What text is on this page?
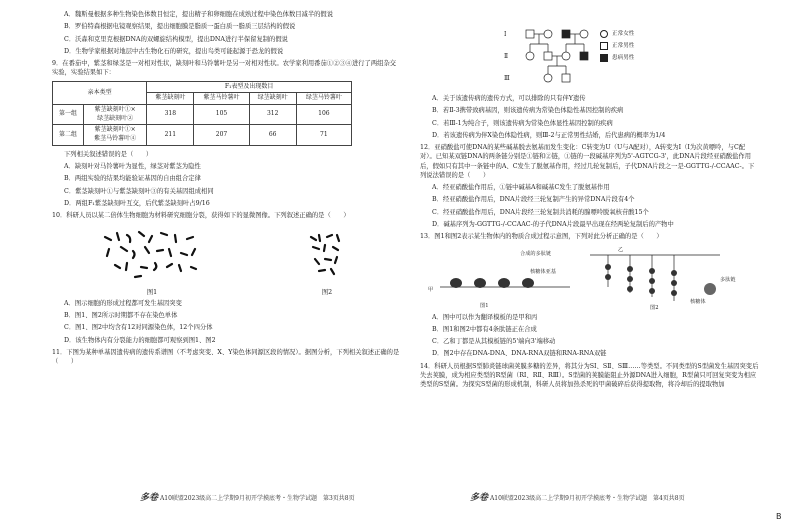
A．魏斯曼根据多种生物染色体数目恒定，提出精子和卵细胞在成熟过程中染色体数目减半的假说

B．罗伯特森根据电镜观察结果，提出细胞膜是脂质一蛋白质一脂质三层结构的假说

C．沃森和克里克根据DNA的双螺旋结构模型，提出DNA进行半保留复制的假说

D．生物学家根据对地层中古生物化石的研究，提出鸟类可能起源于恐龙的假说

9．在番茄中，紫茎和绿茎是一对相对性状，缺刻叶和马铃薯叶是另一对相对性状。农学家利用番茄①②③④进行了两组杂交实验，实验结果如下：

亲本类型		F₁表型及出现数目			
		紫茎缺刻叶	紫茎马铃薯叶	绿茎缺刻叶	绿茎马铃薯叶
第一组	紫茎缺刻叶①×
绿茎缺刻叶②	318	105	312	106
第二组	紫茎缺刻叶①×
紫茎马铃薯叶④	211	207	66	71

下列相关叙述错误的是（　　）

A．缺刻叶对马铃薯叶为显性，绿茎对紫茎为隐性

B．两组实验的结果均能验证基因的自由组合定律

C．紫茎缺刻叶①与紫茎缺刻叶③的有关基因组成相同

D．两组F₁紫茎缺刻叶互交，后代紫茎缺刻叶占9/16

10．科研人员以某二倍体生物细胞为材料研究细胞分裂，获得如下的显微图像。下列叙述正确的是（　　）

图1	图2

A．图示细胞的形成过程都可发生基因突变

B．图1、图2所示时期都不存在染色单体

C．图1、图2中均含有12对同源染色体，12个四分体

D．该生物体内有分裂能力的细胞都可观察到图1、图2

11．下图为某种单基因遗传病的遗传系谱图（不考虑突变、X、Y染色体同源区段的情况）。据图分析，下列相关叙述正确的是（　　）

Ⅰ
Ⅱ
Ⅲ
正常女性
正常男性
患病男性

A．关于该遗传病的遗传方式，可以排除的只有伴Y遗传

B．若Ⅱ-3携带致病基因，则该遗传病为常染色体隐性基因控制的疾病

C．若Ⅲ-1为纯合子，则该遗传病为常染色体显性基因控制的疾病

D．若该遗传病为伴X染色体隐性病，则Ⅲ-2与正常男性结婚，后代患病的概率为1/4

12．亚硝酸盐可使DNA的某些碱基脱去氨基而发生变化：C转变为U（U与A配对），A转变为I（I为次黄嘌呤，与C配对）。已知某双链DNA的两条链分别是①链和②链，①链的一段碱基序列为5'-AGTCG-3'，此DNA片段经亚硝酸盐作用后，假如只有其中一条链中的A、C发生了脱氨基作用，经过几轮复制后，子代DNA片段之一是-GGTTG-/-CCAAC-。下列说法错误的是（　　）

A．经亚硝酸盐作用后，①链中碱基A和碱基C发生了脱氨基作用

B．经亚硝酸盐作用后，DNA片段经三轮复制产生的异常DNA片段有4个

C．经亚硝酸盐作用后，DNA片段经三轮复制共消耗的腺嘌呤脱氧核苷酸15个

D．碱基序列为-GGTTG-/-CCAAC-的子代DNA片段最早出现在经两轮复制后的产物中

13．图1和图2表示某生物体内的物质合成过程示意图，下列对此分析正确的是（　　）

合成的多肽链
核糖体亚基
核糖体
多肽链
图1	图2
乙
甲

A．图中可以作为翻译模板的是甲和丙

B．图1和图2中都有4条肽链正在合成

C．乙和丁都是从其模板链的5'端向3'端移动

D．图2中存在DNA-DNA、DNA-RNA双链和RNA-RNA双链

14．科研人员根据S型肺炎链球菌荚膜多糖的差异，将其分为SⅠ、SⅡ、SⅢ……等类型。不同类型的S型菌发生基因突变后失去荚膜，成为相应类型的R型菌（RⅠ、RⅡ、RⅢ）。S型菌的荚膜能阻止外源DNA进入细胞，R型菌只可回复突变为相应类型的S型菌。为探究S型菌的形成机制，科研人员将加热杀死的甲菌破碎后获得提取物，将冷却后的提取物加

多卷 A10联盟2023级高二上学期9月初开学摸底考・生物学试题　第3页共8页	多卷 A10联盟2023级高二上学期9月初开学摸底考・生物学试题　第4页共8页
B
